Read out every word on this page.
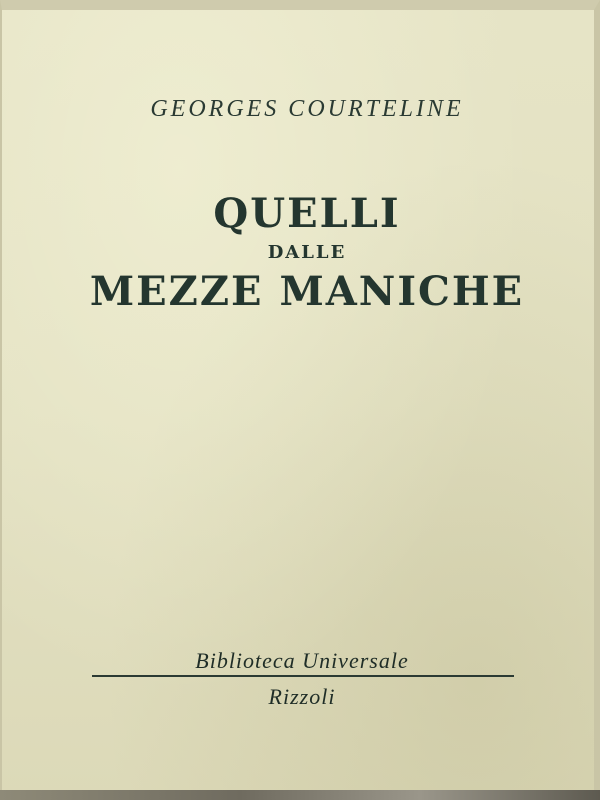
GEORGES COURTELINE
QUELLI
DALLE
MEZZE MANICHE
Biblioteca Universale
Rizzoli
